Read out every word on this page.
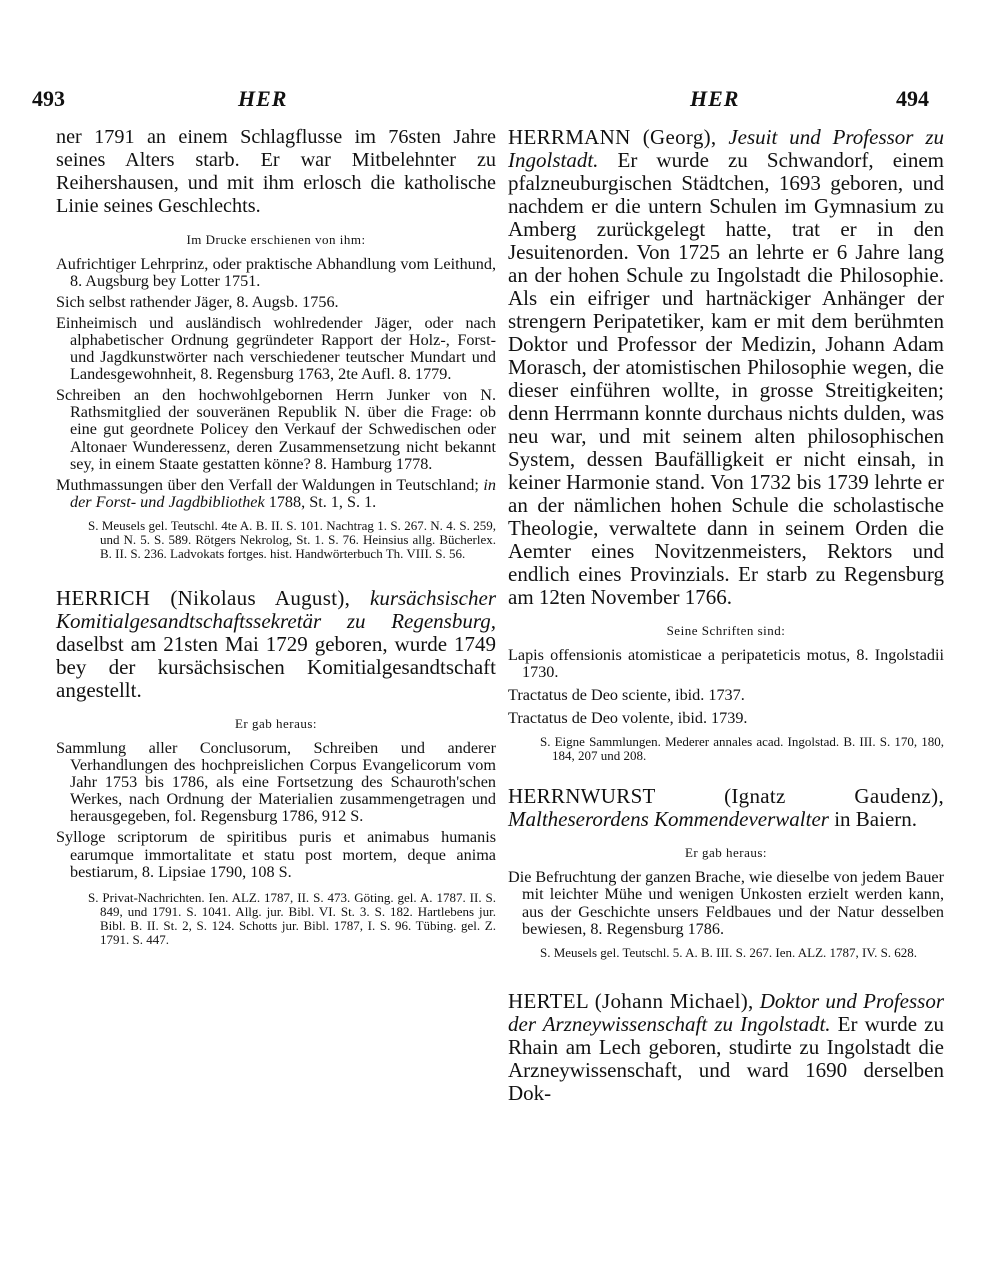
493	HER	HER	494

ner 1791 an einem Schlagflusse im 76sten Jahre seines Alters starb. Er war Mitbelehnter zu Reihershausen, und mit ihm erlosch die katholische Linie seines Geschlechts.

Im Drucke erschienen von ihm:

Aufrichtiger Lehrprinz, oder praktische Abhandlung vom Leithund, 8. Augsburg bey Lotter 1751.

Sich selbst rathender Jäger, 8. Augsb. 1756.

Einheimisch und ausländisch wohlredender Jäger, oder nach alphabetischer Ordnung gegründeter Rapport der Holz-, Forst- und Jagdkunstwörter nach verschiedener teutscher Mundart und Landesgewohnheit, 8. Regensburg 1763, 2te Aufl. 8. 1779.

Schreiben an den hochwohlgebornen Herrn Junker von N. Rathsmitglied der souveränen Republik N. über die Frage: ob eine gut geordnete Policey den Verkauf der Schwedischen oder Altonaer Wunderessenz, deren Zusammensetzung nicht bekannt sey, in einem Staate gestatten könne? 8. Hamburg 1778.

Muthmassungen über den Verfall der Waldungen in Teutschland; in der Forst- und Jagdbibliothek 1788, St. 1, S. 1.

S. Meusels gel. Teutschl. 4te A. B. II. S. 101. Nachtrag 1. S. 267. N. 4. S. 259, und N. 5. S. 589. Rötgers Nekrolog, St. 1. S. 76. Heinsius allg. Bücherlex. B. II. S. 236. Ladvokats fortges. hist. Handwörterbuch Th. VIII. S. 56.

HERRICH (Nikolaus August), kursächsischer Komitialgesandtschaftssekretär zu Regensburg, daselbst am 21sten Mai 1729 geboren, wurde 1749 bey der kursächsischen Komitialgesandtschaft angestellt.

Er gab heraus:

Sammlung aller Conclusorum, Schreiben und anderer Verhandlungen des hochpreislichen Corpus Evangelicorum vom Jahr 1753 bis 1786, als eine Fortsetzung des Schauroth'schen Werkes, nach Ordnung der Materialien zusammengetragen und herausgegeben, fol. Regensburg 1786, 912 S.

Sylloge scriptorum de spiritibus puris et animabus humanis earumque immortalitate et statu post mortem, deque anima bestiarum, 8. Lipsiae 1790, 108 S.

S. Privat-Nachrichten. Ien. ALZ. 1787, II. S. 473. Göting. gel. A. 1787. II. S. 849, und 1791. S. 1041. Allg. jur. Bibl. VI. St. 3. S. 182. Hartlebens jur. Bibl. B. II. St. 2, S. 124. Schotts jur. Bibl. 1787, I. S. 96. Tübing. gel. Z. 1791. S. 447.

HERRMANN (Georg), Jesuit und Professor zu Ingolstadt. Er wurde zu Schwandorf, einem pfalzneuburgischen Städtchen, 1693 geboren, und nachdem er die untern Schulen im Gymnasium zu Amberg zurückgelegt hatte, trat er in den Jesuitenorden. Von 1725 an lehrte er 6 Jahre lang an der hohen Schule zu Ingolstadt die Philosophie. Als ein eifriger und hartnäckiger Anhänger der strengern Peripatetiker, kam er mit dem berühmten Doktor und Professor der Medizin, Johann Adam Morasch, der atomistischen Philosophie wegen, die dieser einführen wollte, in grosse Streitigkeiten; denn Herrmann konnte durchaus nichts dulden, was neu war, und mit seinem alten philosophischen System, dessen Baufälligkeit er nicht einsah, in keiner Harmonie stand. Von 1732 bis 1739 lehrte er an der nämlichen hohen Schule die scholastische Theologie, verwaltete dann in seinem Orden die Aemter eines Novitzenmeisters, Rektors und endlich eines Provinzials. Er starb zu Regensburg am 12ten November 1766.

Seine Schriften sind:

Lapis offensionis atomisticae a peripateticis motus, 8. Ingolstadii 1730.

Tractatus de Deo sciente, ibid. 1737.

Tractatus de Deo volente, ibid. 1739.

S. Eigne Sammlungen. Mederer annales acad. Ingolstad. B. III. S. 170, 180, 184, 207 und 208.

HERRNWURST (Ignatz Gaudenz), Maltheserordens Kommendeverwalter in Baiern.

Er gab heraus:

Die Befruchtung der ganzen Brache, wie dieselbe von jedem Bauer mit leichter Mühe und wenigen Unkosten erzielt werden kann, aus der Geschichte unsers Feldbaues und der Natur desselben bewiesen, 8. Regensburg 1786.

S. Meusels gel. Teutschl. 5. A. B. III. S. 267. Ien. ALZ. 1787, IV. S. 628.

HERTEL (Johann Michael), Doktor und Professor der Arzneywissenschaft zu Ingolstadt. Er wurde zu Rhain am Lech geboren, studirte zu Ingolstadt die Arzneywissenschaft, und ward 1690 derselben Dok-
